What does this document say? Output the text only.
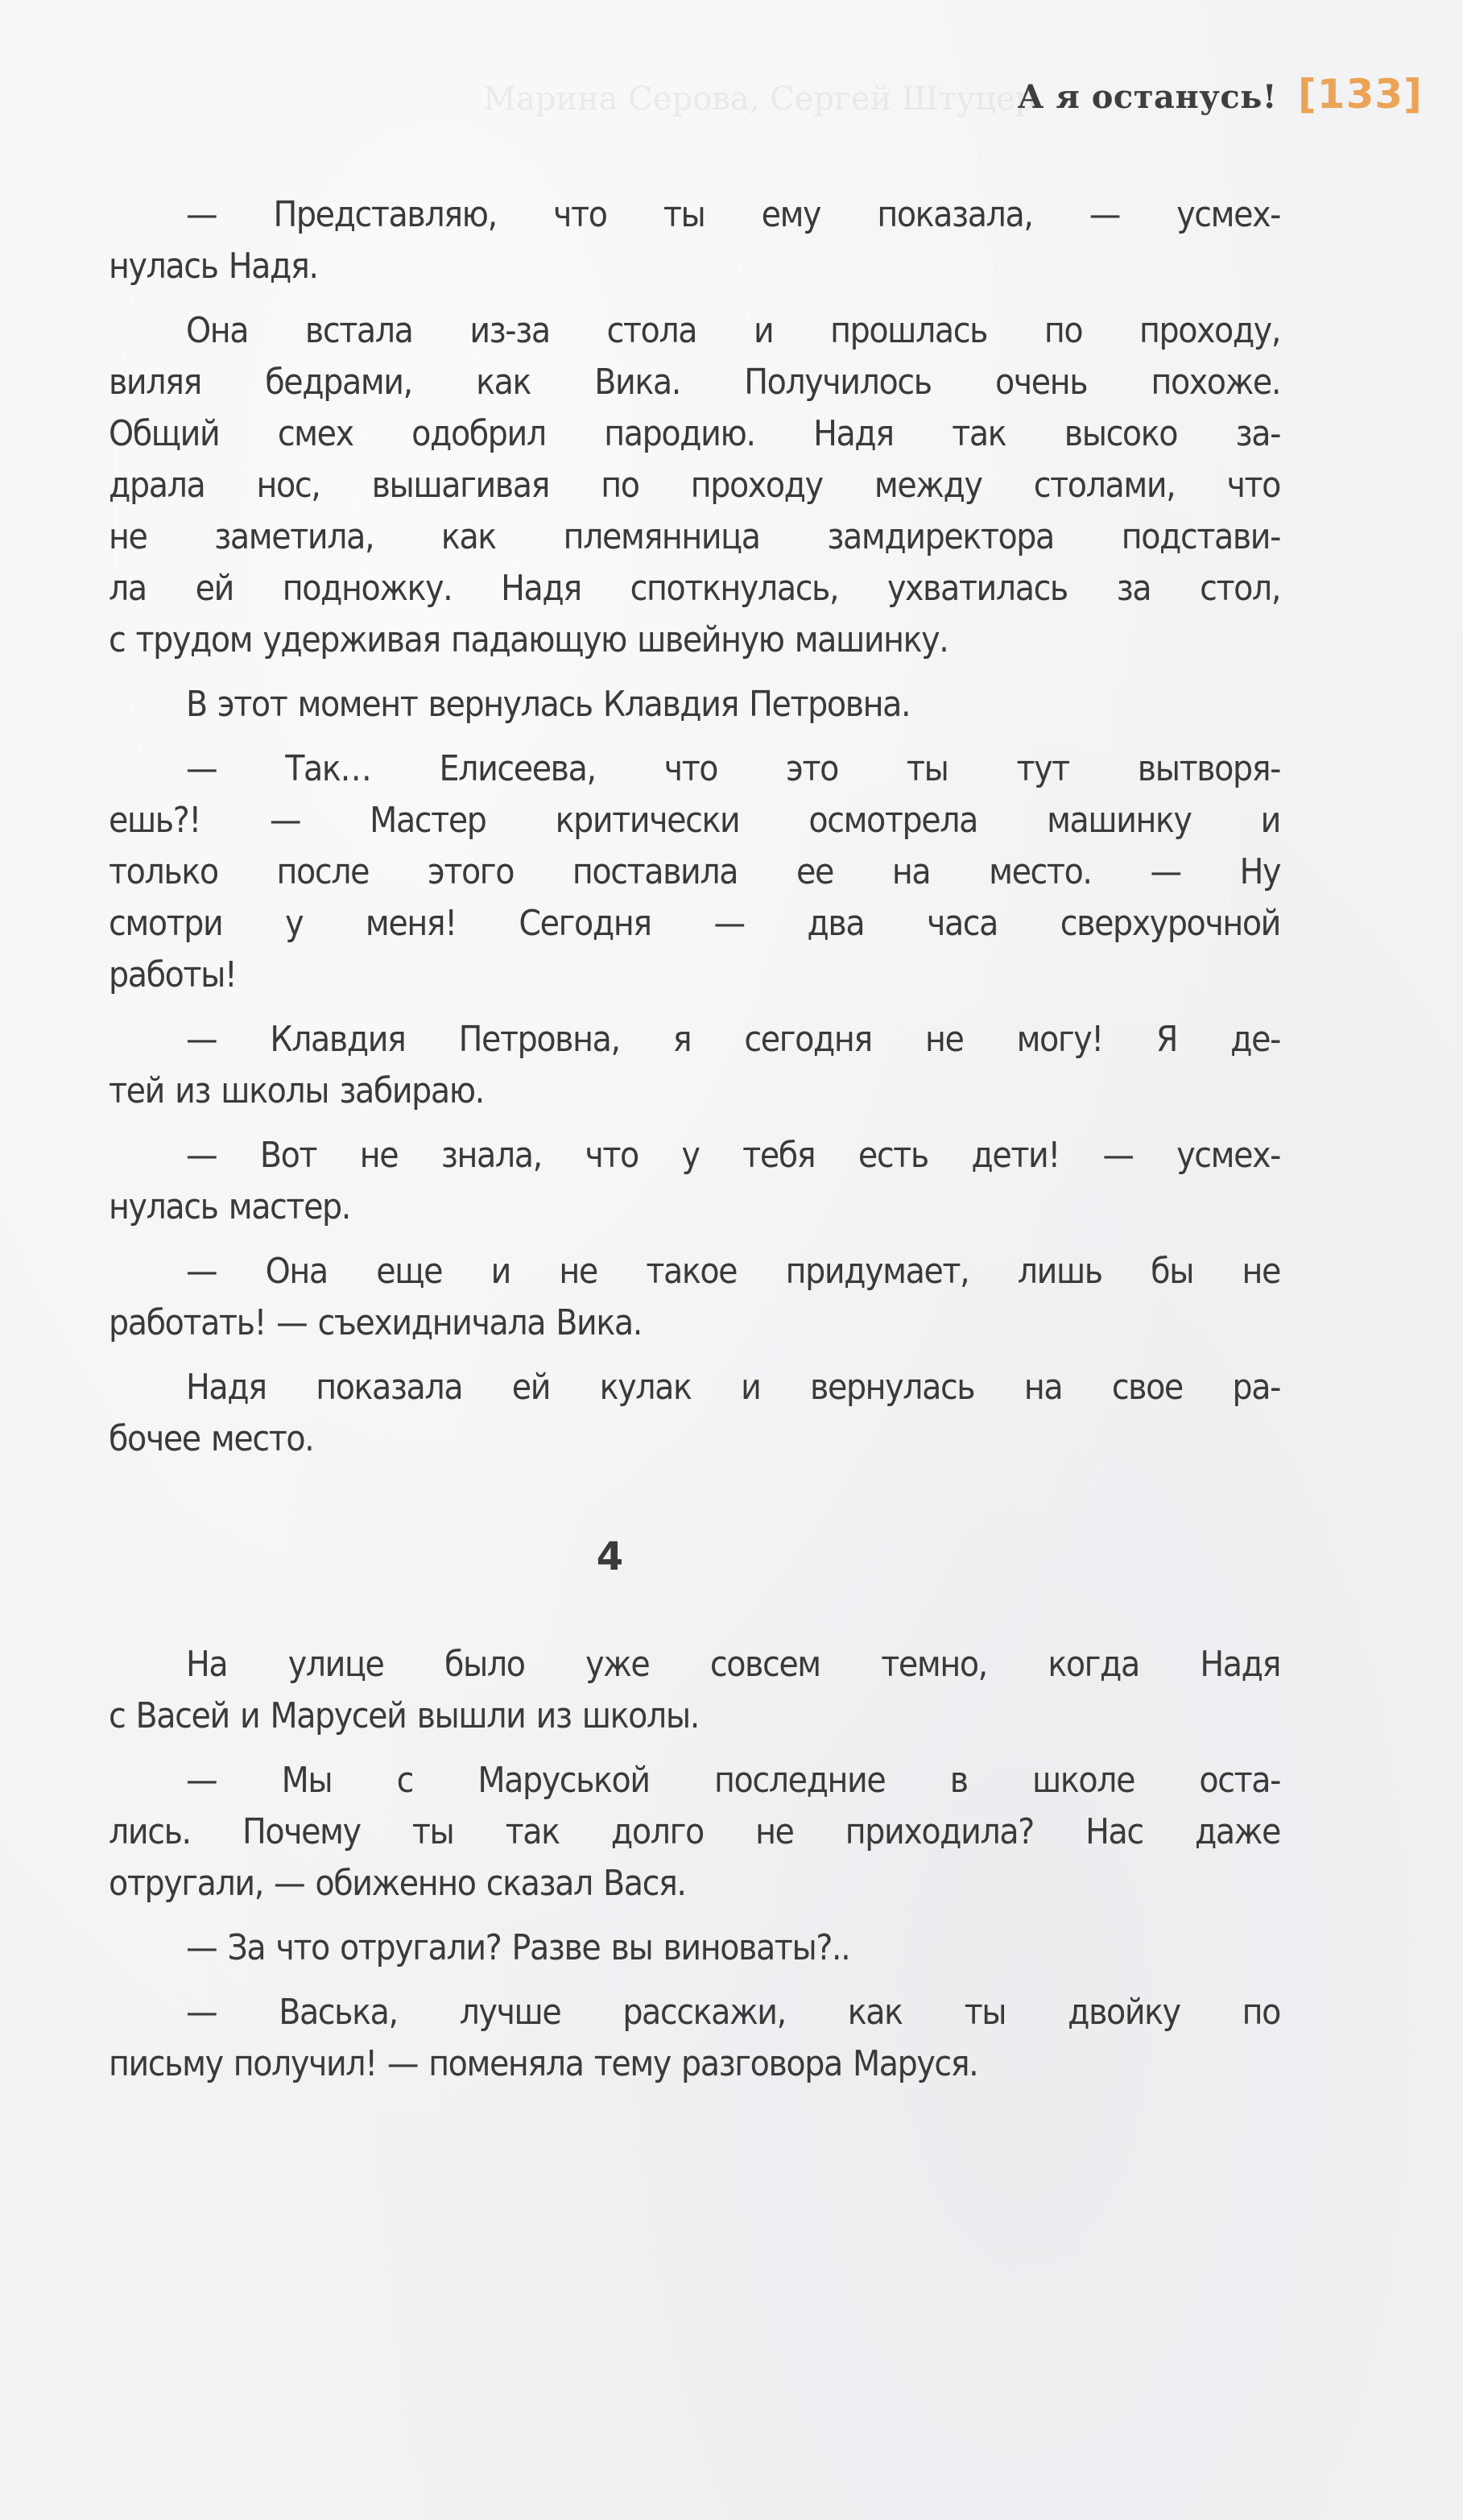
Марина Серова, Сергей Штуцер
А я останусь! [133]

— Представляю, что ты ему показала, — усмех-
нулась Надя.

Она встала из-за стола и прошлась по проходу,
виляя бедрами, как Вика. Получилось очень похоже.
Общий смех одобрил пародию. Надя так высоко за-
драла нос, вышагивая по проходу между столами, что
не заметила, как племянница замдиректора подстави-
ла ей подножку. Надя споткнулась, ухватилась за стол,
с трудом удерживая падающую швейную машинку.

В этот момент вернулась Клавдия Петровна.

— Так… Елисеева, что это ты тут вытворя-
ешь?! — Мастер критически осмотрела машинку и
только после этого поставила ее на место. — Ну
смотри у меня! Сегодня — два часа сверхурочной
работы!

— Клавдия Петровна, я сегодня не могу! Я де-
тей из школы забираю.

— Вот не знала, что у тебя есть дети! — усмех-
нулась мастер.

— Она еще и не такое придумает, лишь бы не
работать! — съехидничала Вика.

Надя показала ей кулак и вернулась на свое ра-
бочее место.

4

На улице было уже совсем темно, когда Надя
с Васей и Марусей вышли из школы.

— Мы с Маруськой последние в школе оста-
лись. Почему ты так долго не приходила? Нас даже
отругали, — обиженно сказал Вася.

— За что отругали? Разве вы виноваты?..

— Васька, лучше расскажи, как ты двойку по
письму получил! — поменяла тему разговора Маруся.
